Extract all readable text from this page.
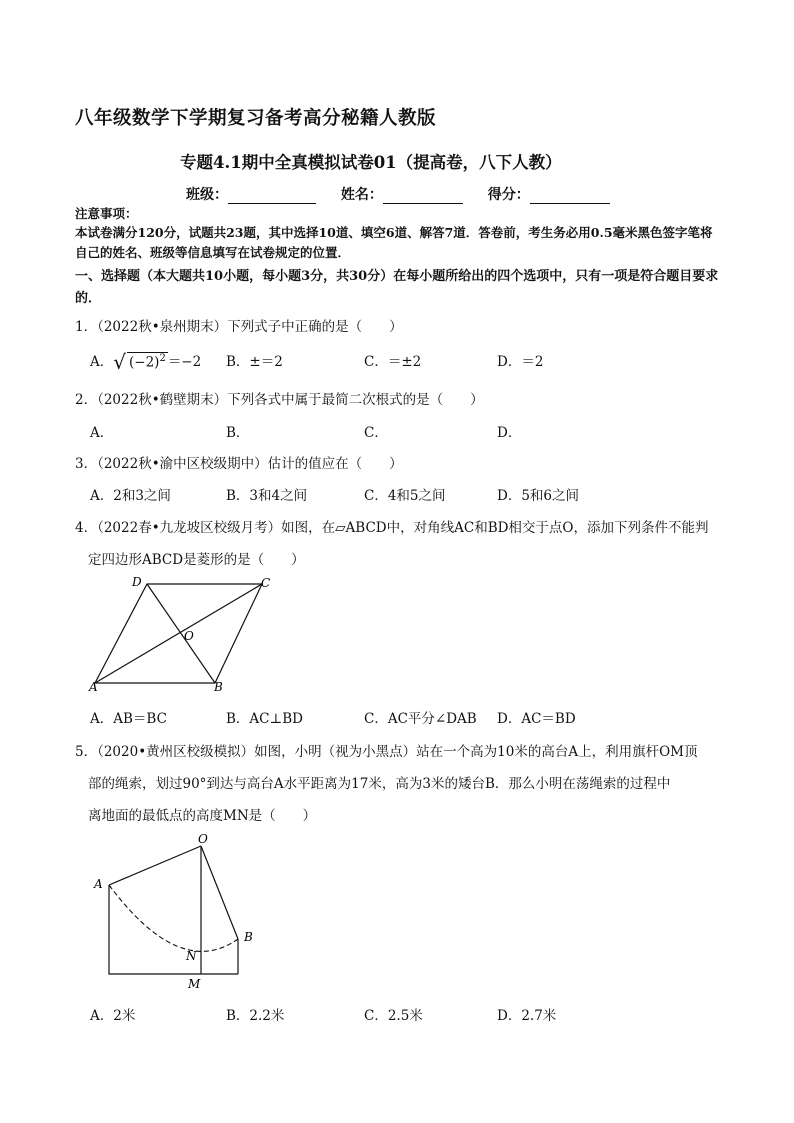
八年级数学下学期复习备考高分秘籍人教版
专题4.1期中全真模拟试卷01（提高卷，八下人教）
班级：	姓名：	得分：
注意事项：
本试卷满分120分，试题共23题，其中选择10道、填空6道、解答7道．答卷前，考生务必用0.5毫米黑色签字笔将自己的姓名、班级等信息填写在试卷规定的位置．
一、选择题（本大题共10小题，每小题3分，共30分）在每小题所给出的四个选项中，只有一项是符合题目要求的．
1．（2022秋•泉州期末）下列式子中正确的是（　　）
A．√ $(-2)^2 =-2$ B．±＝2	C．＝±2	D．＝2
2．（2022秋•鹤壁期末）下列各式中属于最简二次根式的是（　　）
A．	B．	C．	D．
3．（2022秋•渝中区校级期中）估计的值应在（　　）
A．2和3之间	B．3和4之间	C．4和5之间	D．5和6之间
4．（2022春•九龙坡区校级月考）如图，在▱ABCD中，对角线AC和BD相交于点O，添加下列条件不能判
定四边形ABCD是菱形的是（　　）
D	C
O
A	B
A．AB＝BC	B．AC⊥BD	C．AC平分∠DAB D．AC＝BD
5．（2020•黄州区校级模拟）如图，小明（视为小黑点）站在一个高为10米的高台A上，利用旗杆OM顶
部的绳索，划过90°到达与高台A水平距离为17米，高为3米的矮台B．那么小明在荡绳索的过程中
离地面的最低点的高度MN是（　　）
O
A
B
N
M
A．2米	B．2.2米	C．2.5米	D．2.7米
